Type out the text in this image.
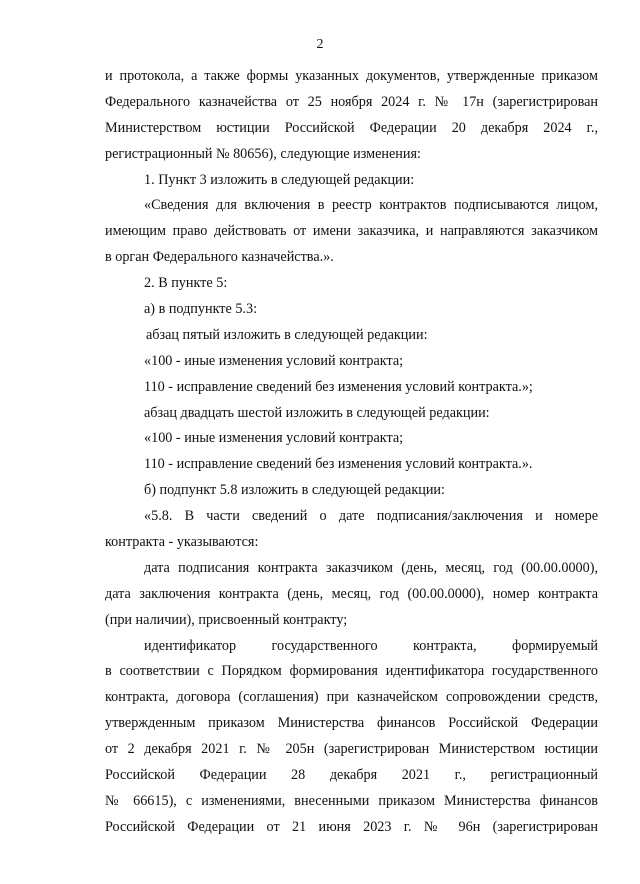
2
и протокола, а также формы указанных документов, утвержденные приказом
Федерального казначейства от 25 ноября 2024 г. № 17н (зарегистрирован
Министерством юстиции Российской Федерации 20 декабря 2024 г.,
регистрационный № 80656), следующие изменения:
1. Пункт 3 изложить в следующей редакции:
«Сведения для включения в реестр контрактов подписываются лицом,
имеющим право действовать от имени заказчика, и направляются заказчиком
в орган Федерального казначейства.».
2. В пункте 5:
а) в подпункте 5.3:
абзац пятый изложить в следующей редакции:
«100 - иные изменения условий контракта;
110 - исправление сведений без изменения условий контракта.»;
абзац двадцать шестой изложить в следующей редакции:
«100 - иные изменения условий контракта;
110 - исправление сведений без изменения условий контракта.».
б) подпункт 5.8 изложить в следующей редакции:
«5.8. В части сведений о дате подписания/заключения и номере
контракта - указываются:
дата подписания контракта заказчиком (день, месяц, год (00.00.0000),
дата заключения контракта (день, месяц, год (00.00.0000), номер контракта
(при наличии), присвоенный контракту;
идентификатор государственного контракта, формируемый
в соответствии с Порядком формирования идентификатора государственного
контракта, договора (соглашения) при казначейском сопровождении средств,
утвержденным приказом Министерства финансов Российской Федерации
от 2 декабря 2021 г. № 205н (зарегистрирован Министерством юстиции
Российской Федерации 28 декабря 2021 г., регистрационный
№ 66615), с изменениями, внесенными приказом Министерства финансов
Российской Федерации от 21 июня 2023 г. № 96н (зарегистрирован
